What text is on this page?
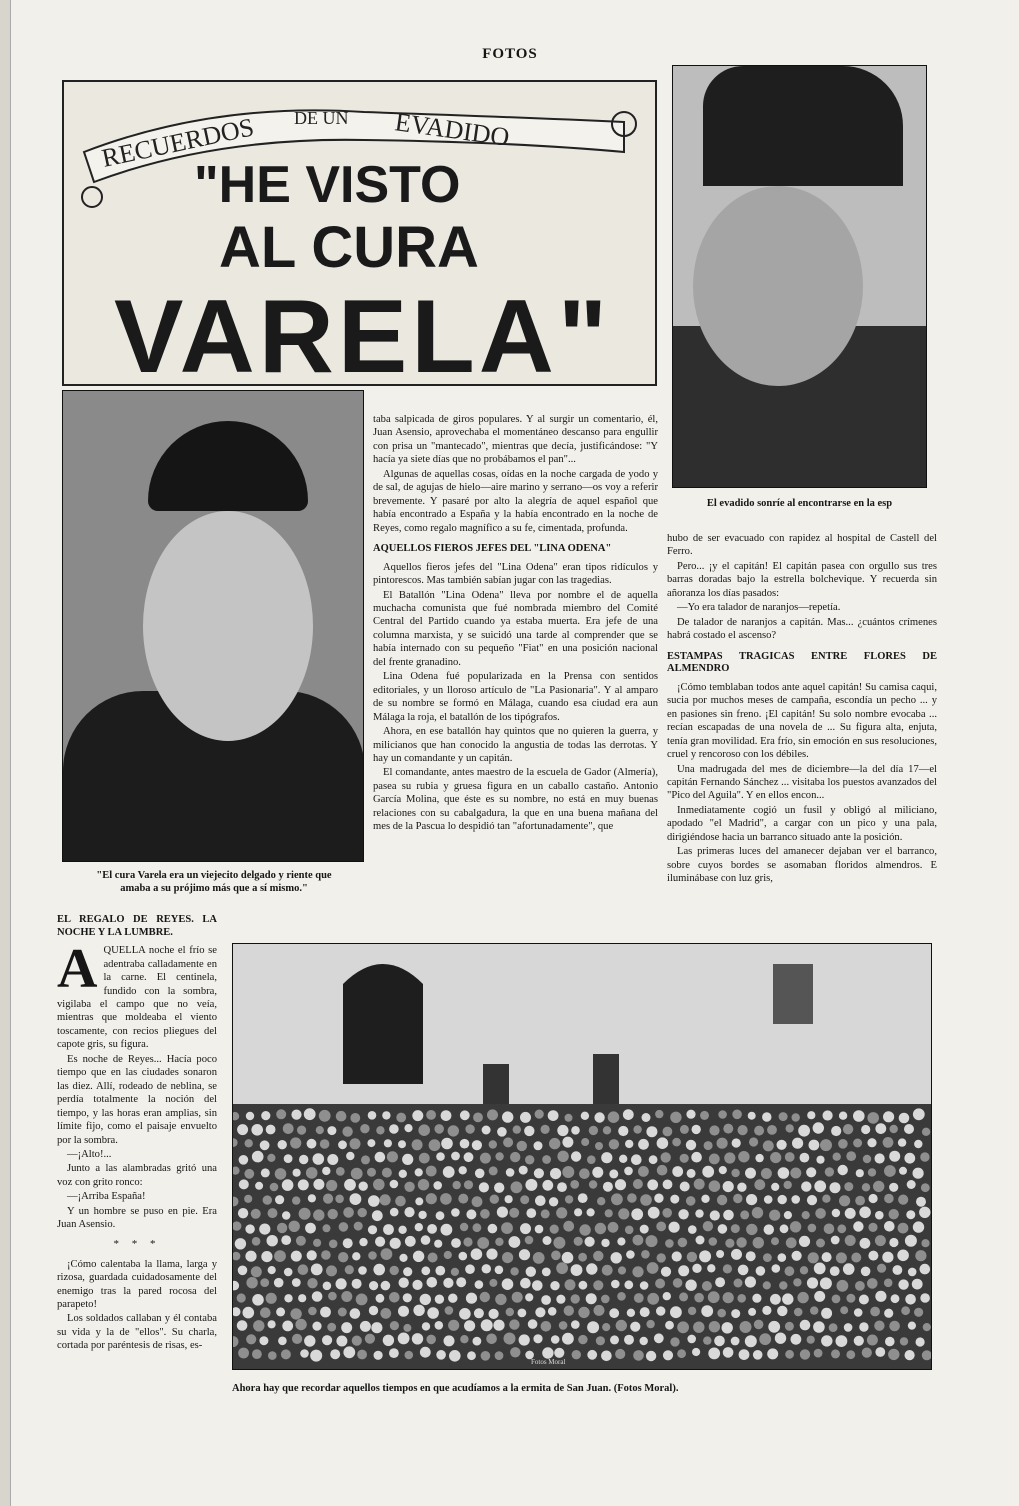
FOTOS
RECUERDOS DE UN EVADIDO
"HE VISTO
AL CURA
VARELA"
El evadido sonríe al encontrarse en la esp
"El cura Varela era un viejecito delgado y riente que amaba a su prójimo más que a sí mismo."
EL REGALO DE REYES. LA NOCHE Y LA LUMBRE.
A QUELLA noche el frío se adentraba calladamente en la carne. El centinela, fundido con la sombra, vigilaba el campo que no veía, mientras que moldeaba el viento toscamente, con recios pliegues del capote gris, su figura.

Es noche de Reyes... Hacía poco tiempo que en las ciudades sonaron las diez. Allí, rodeado de neblina, se perdía totalmente la noción del tiempo, y las horas eran amplias, sin límite fijo, como el paisaje envuelto por la sombra.

—¡Alto!...

Junto a las alambradas gritó una voz con grito ronco:

—¡Arriba España!

Y un hombre se puso en pie. Era Juan Asensio.

* * *

¡Cómo calentaba la llama, larga y rizosa, guardada cuidadosamente del enemigo tras la pared rocosa del parapeto!

Los soldados callaban y él contaba su vida y la de "ellos". Su charla, cortada por paréntesis de risas, es-

taba salpicada de giros populares. Y al surgir un comentario, él, Juan Asensio, aprovechaba el momentáneo descanso para engullir con prisa un "mantecado", mientras que decía, justificándose: "Y hacía ya siete días que no probábamos el pan"...

Algunas de aquellas cosas, oídas en la noche cargada de yodo y de sal, de agujas de hielo—aire marino y serrano—os voy a referir brevemente. Y pasaré por alto la alegría de aquel español que había encontrado a España y la había encontrado en la noche de Reyes, como regalo magnífico a su fe, cimentada, profunda.

AQUELLOS FIEROS JEFES DEL "LINA ODENA"

Aquellos fieros jefes del "Lina Odena" eran tipos ridículos y pintorescos. Mas también sabían jugar con las tragedias.

El Batallón "Lina Odena" lleva por nombre el de aquella muchacha comunista que fué nombrada miembro del Comité Central del Partido cuando ya estaba muerta. Era jefe de una columna marxista, y se suicidó una tarde al comprender que se había internado con su pequeño "Fiat" en una posición nacional del frente granadino.

Lina Odena fué popularizada en la Prensa con sentidos editoriales, y un lloroso artículo de "La Pasionaria". Y al amparo de su nombre se formó en Málaga, cuando esa ciudad era aun Málaga la roja, el batallón de los tipógrafos.

Ahora, en ese batallón hay quintos que no quieren la guerra, y milicianos que han conocido la angustia de todas las derrotas. Y hay un comandante y un capitán.

El comandante, antes maestro de la escuela de Gador (Almería), pasea su rubia y gruesa figura en un caballo castaño. Antonio García Molina, que éste es su nombre, no está en muy buenas relaciones con su cabalgadura, la que en una buena mañana del mes de la Pascua lo despidió tan "afortunadamente", que

hubo de ser evacuado con rapidez al hospital de Castell del Ferro.

Pero... ¡y el capitán! El capitán pasea con orgullo sus tres barras doradas bajo la estrella bolchevique. Y recuerda sin añoranza los días pasados:

—Yo era talador de naranjos—repetía.

De talador de naranjos a capitán. Mas... ¿cuántos crímenes habrá costado el ascenso?

ESTAMPAS TRAGICAS ENTRE FLORES DE ALMENDRO

¡Cómo temblaban todos ante aquel capitán! Su camisa caqui, sucia por muchos meses de campaña, escondía un pecho ... y en pasiones sin freno. ¡El capitán! Su solo nombre evocaba ... recían escapadas de una novela de ... Su figura alta, enjuta, tenía gran movilidad. Era frío, sin emoción en sus resoluciones, cruel y rencoroso con los débiles.

Una madrugada del mes de diciembre—la del día 17—el capitán Fernando Sánchez ... visitaba los puestos avanzados del "Pico del Aguila". Y en ellos encon...

Inmediatamente cogió un fusil y obligó al miliciano, apodado "el Madrid", a cargar con un pico y una pala, dirigiéndose hacia un barranco situado ante la posición.

Las primeras luces del amanecer dejaban ver el barranco, sobre cuyos bordes se asomaban floridos almendros. E iluminábase con luz gris,

Fotos Moral
Ahora hay que recordar aquellos tiempos en que acudíamos a la ermita de San Juan. (Fotos Moral).
